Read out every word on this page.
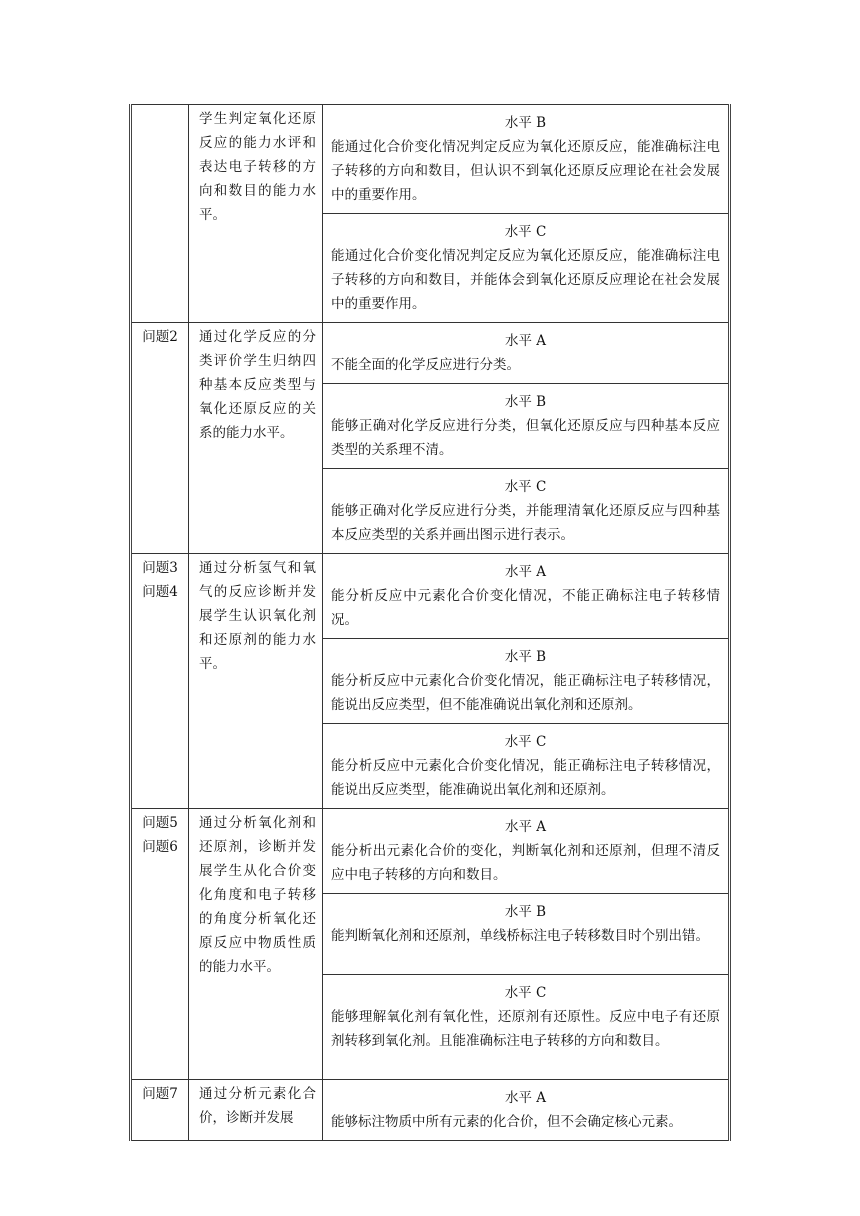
	学生判定氧化还原反应的能力水评和表达电子转移的方向和数目的能力水平。	水平 B
能通过化合价变化情况判定反应为氧化还原反应，能准确标注电子转移的方向和数目，但认识不到氧化还原反应理论在社会发展中的重要作用。

		水平 C
能通过化合价变化情况判定反应为氧化还原反应，能准确标注电子转移的方向和数目，并能体会到氧化还原反应理论在社会发展中的重要作用。

问题2	通过化学反应的分类评价学生归纳四种基本反应类型与氧化还原反应的关系的能力水平。	水平 A
不能全面的化学反应进行分类。

		水平 B
能够正确对化学反应进行分类，但氧化还原反应与四种基本反应类型的关系理不清。

		水平 C
能够正确对化学反应进行分类，并能理清氧化还原反应与四种基本反应类型的关系并画出图示进行表示。

问题3问题4	通过分析氢气和氧气的反应诊断并发展学生认识氧化剂和还原剂的能力水平。	水平 A
能分析反应中元素化合价变化情况，不能正确标注电子转移情况。

		水平 B
能分析反应中元素化合价变化情况，能正确标注电子转移情况，能说出反应类型，但不能准确说出氧化剂和还原剂。

		水平 C
能分析反应中元素化合价变化情况，能正确标注电子转移情况，能说出反应类型，能准确说出氧化剂和还原剂。

问题5问题6	通过分析氧化剂和还原剂，诊断并发展学生从化合价变化角度和电子转移的角度分析氧化还原反应中物质性质的能力水平。	水平 A
能分析出元素化合价的变化，判断氧化剂和还原剂，但理不清反应中电子转移的方向和数目。

		水平 B
能判断氧化剂和还原剂，单线桥标注电子转移数目时个别出错。

		水平 C
能够理解氧化剂有氧化性，还原剂有还原性。反应中电子有还原剂转移到氧化剂。且能准确标注电子转移的方向和数目。

问题7	通过分析元素化合价，诊断并发展	水平 A
能够标注物质中所有元素的化合价，但不会确定核心元素。
